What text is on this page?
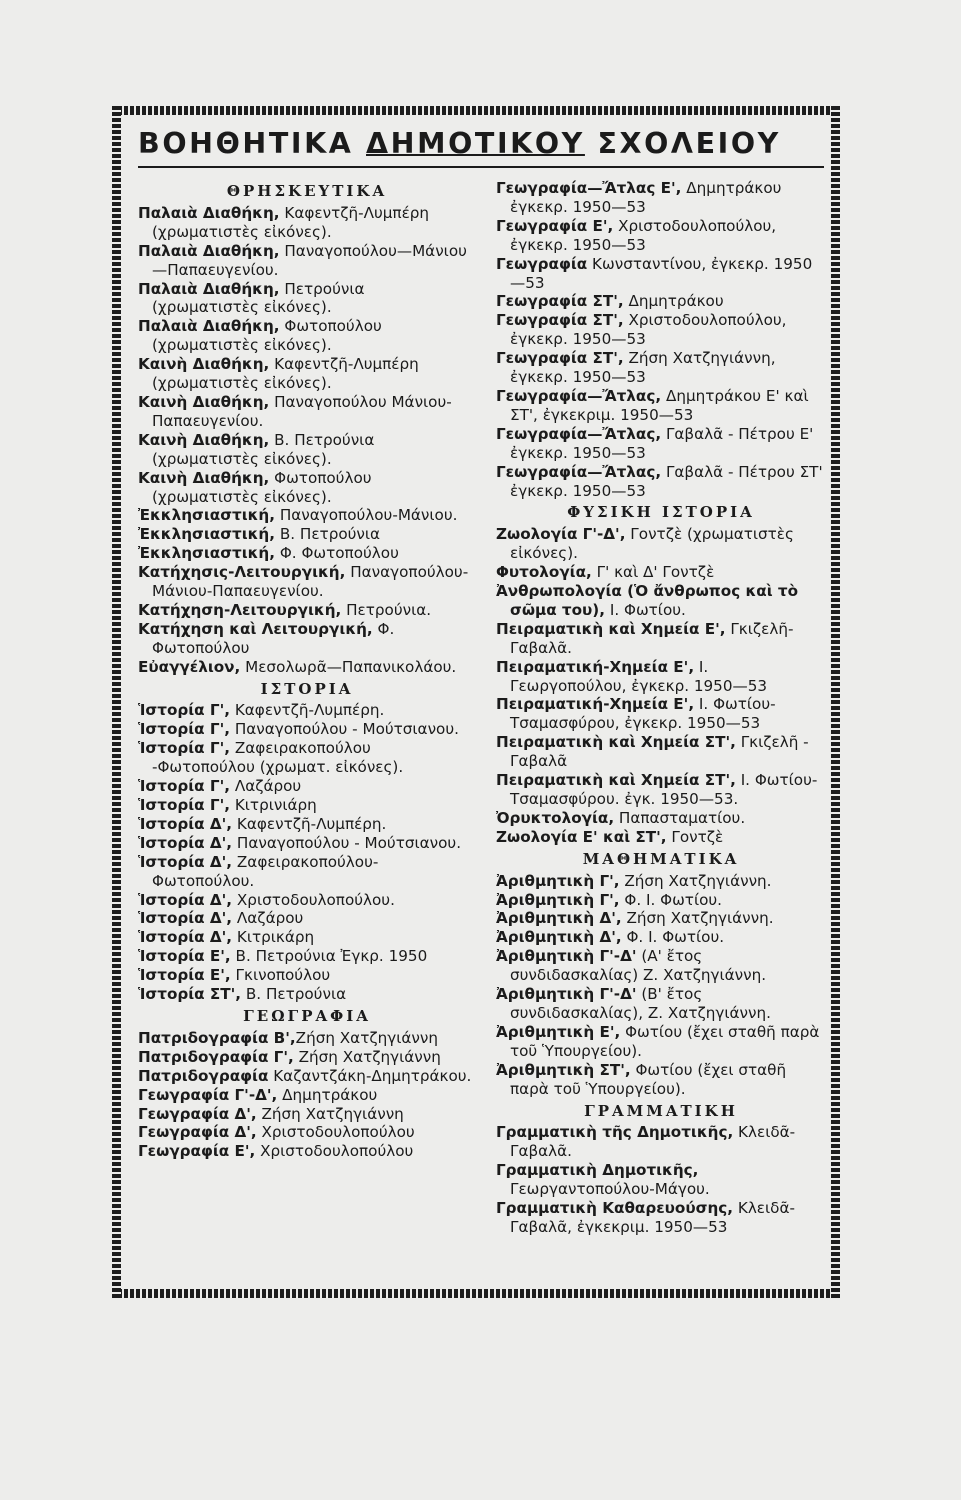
ΒΟΗΘΗΤΙΚΑ ΔΗΜΟΤΙΚΟΥ ΣΧΟΛΕΙΟΥ
ΘΡΗΣΚΕΥΤΙΚΑ
Παλαιὰ Διαθήκη, Καφεντζῆ-Λυμπέρη (χρωματιστὲς εἰκόνες).
Παλαιὰ Διαθήκη, Παναγοπούλου—Μάνιου—Παπαευγενίου.
Παλαιὰ Διαθήκη, Πετρούνια (χρωματιστὲς εἰκόνες).
Παλαιὰ Διαθήκη, Φωτοπούλου (χρωματιστὲς εἰκόνες).
Καινὴ Διαθήκη, Καφεντζῆ-Λυμπέρη (χρωματιστὲς εἰκόνες).
Καινὴ Διαθήκη, Παναγοπούλου Μάνιου-Παπαευγενίου.
Καινὴ Διαθήκη, Β. Πετρούνια (χρωματιστὲς εἰκόνες).
Καινὴ Διαθήκη, Φωτοπούλου (χρωματιστὲς εἰκόνες).
Ἐκκλησιαστική, Παναγοπούλου-Μάνιου.
Ἐκκλησιαστική, Β. Πετρούνια
Ἐκκλησιαστική, Φ. Φωτοπούλου
Κατήχησις-Λειτουργική, Παναγοπούλου-Μάνιου-Παπαευγενίου.
Κατήχηση-Λειτουργική, Πετρούνια.
Κατήχηση καὶ Λειτουργική, Φ. Φωτοπούλου
Εὐαγγέλιον, Μεσολωρᾶ—Παπανικολάου.
ΙΣΤΟΡΙΑ
Ἱστορία Γ', Καφεντζῆ-Λυμπέρη.
Ἱστορία Γ', Παναγοπούλου - Μούτσιανου.
Ἱστορία Γ', Ζαφειρακοπούλου -Φωτοπούλου (χρωματ. εἰκόνες).
Ἱστορία Γ', Λαζάρου
Ἱστορία Γ', Κιτρινιάρη
Ἱστορία Δ', Καφεντζῆ-Λυμπέρη.
Ἱστορία Δ', Παναγοπούλου - Μούτσιανου.
Ἱστορία Δ', Ζαφειρακοπούλου-Φωτοπούλου.
Ἱστορία Δ', Χριστοδουλοπούλου.
Ἱστορία Δ', Λαζάρου
Ἱστορία Δ', Κιτρικάρη
Ἱστορία Ε', Β. Πετρούνια Ἐγκρ. 1950
Ἱστορία Ε', Γκινοπούλου
Ἱστορία ΣΤ', Β. Πετρούνια
ΓΕΩΓΡΑΦΙΑ
Πατριδογραφία Β',Ζήση Χατζηγιάννη
Πατριδογραφία Γ', Ζήση Χατζηγιάννη
Πατριδογραφία Καζαντζάκη-Δημητράκου.
Γεωγραφία Γ'-Δ', Δημητράκου
Γεωγραφία Δ', Ζήση Χατζηγιάννη
Γεωγραφία Δ', Χριστοδουλοπούλου
Γεωγραφία Ε', Χριστοδουλοπούλου
Γεωγραφία—Ἄτλας Ε', Δημητράκου ἐγκεκρ. 1950—53
Γεωγραφία Ε', Χριστοδουλοπούλου, ἐγκεκρ. 1950—53
Γεωγραφία Κωνσταντίνου, ἐγκεκρ. 1950—53
Γεωγραφία ΣΤ', Δημητράκου
Γεωγραφία ΣΤ', Χριστοδουλοπούλου, ἐγκεκρ. 1950—53
Γεωγραφία ΣΤ', Ζήση Χατζηγιάννη, ἐγκεκρ. 1950—53
Γεωγραφία—Ἄτλας, Δημητράκου Ε' καὶ ΣΤ', ἐγκεκριμ. 1950—53
Γεωγραφία—Ἄτλας, Γαβαλᾶ - Πέτρου Ε' ἐγκεκρ. 1950—53
Γεωγραφία—Ἄτλας, Γαβαλᾶ - Πέτρου ΣΤ' ἐγκεκρ. 1950—53
ΦΥΣΙΚΗ ΙΣΤΟΡΙΑ
Ζωολογία Γ'-Δ', Γοντζὲ (χρωματιστὲς εἰκόνες).
Φυτολογία, Γ' καὶ Δ' Γοντζὲ
Ἀνθρωπολογία (Ὁ ἄνθρωπος καὶ τὸ σῶμα του), Ι. Φωτίου.
Πειραματικὴ καὶ Χημεία Ε', Γκιζελῆ-Γαβαλᾶ.
Πειραματική-Χημεία Ε', Ι. Γεωργοπούλου, ἐγκεκρ. 1950—53
Πειραματική-Χημεία Ε', Ι. Φωτίου-Τσαμασφύρου, ἐγκεκρ. 1950—53
Πειραματικὴ καὶ Χημεία ΣΤ', Γκιζελῆ - Γαβαλᾶ
Πειραματικὴ καὶ Χημεία ΣΤ', Ι. Φωτίου-Τσαμασφύρου. ἐγκ. 1950—53.
Ὀρυκτολογία, Παπασταματίου.
Ζωολογία Ε' καὶ ΣΤ', Γοντζὲ
ΜΑΘΗΜΑΤΙΚΑ
Ἀριθμητικὴ Γ', Ζήση Χατζηγιάννη.
Ἀριθμητικὴ Γ', Φ. Ι. Φωτίου.
Ἀριθμητικὴ Δ', Ζήση Χατζηγιάννη.
Ἀριθμητικὴ Δ', Φ. Ι. Φωτίου.
Ἀριθμητικὴ Γ'-Δ' (Α' ἔτος συνδιδασκαλίας) Ζ. Χατζηγιάννη.
Ἀριθμητικὴ Γ'-Δ' (Β' ἔτος συνδιδασκαλίας), Ζ. Χατζηγιάννη.
Ἀριθμητικὴ Ε', Φωτίου (ἔχει σταθῆ παρὰ τοῦ Ὑπουργείου).
Ἀριθμητικὴ ΣΤ', Φωτίου (ἔχει σταθῆ παρὰ τοῦ Ὑπουργείου).
ΓΡΑΜΜΑΤΙΚΗ
Γραμματικὴ τῆς Δημοτικῆς, Κλειδᾶ-Γαβαλᾶ.
Γραμματικὴ Δημοτικῆς, Γεωργαντοπούλου-Μάγου.
Γραμματικὴ Καθαρευούσης, Κλειδᾶ-Γαβαλᾶ, ἐγκεκριμ. 1950—53
